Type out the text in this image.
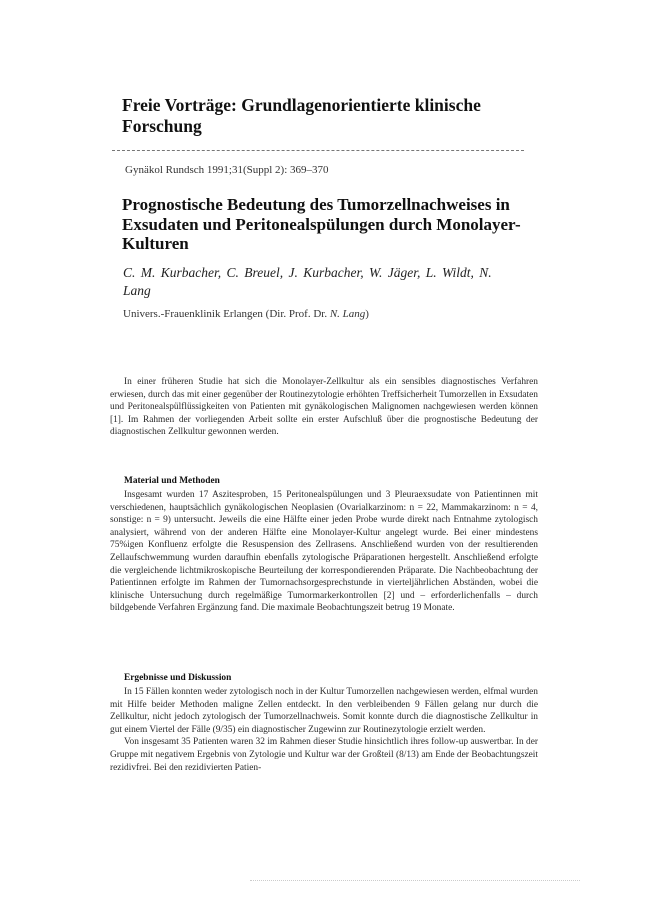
Freie Vorträge: Grundlagenorientierte klinische Forschung
Gynäkol Rundsch 1991;31(Suppl 2): 369–370
Prognostische Bedeutung des Tumorzellnachweises in Exsudaten und Peritonealspülungen durch Monolayer-Kulturen
C. M. Kurbacher, C. Breuel, J. Kurbacher, W. Jäger, L. Wildt, N. Lang
Univers.-Frauenklinik Erlangen (Dir. Prof. Dr. N. Lang)

In einer früheren Studie hat sich die Monolayer-Zellkultur als ein sensibles diagnostisches Verfahren erwiesen, durch das mit einer gegenüber der Routinezytologie erhöhten Treffsicherheit Tumorzellen in Exsudaten und Peritonealspülflüssigkeiten von Patienten mit gynäkologischen Malignomen nachgewiesen werden können [1]. Im Rahmen der vorliegenden Arbeit sollte ein erster Aufschluß über die prognostische Bedeutung der diagnostischen Zellkultur gewonnen werden.

Material und Methoden

Insgesamt wurden 17 Aszitesproben, 15 Peritonealspülungen und 3 Pleuraexsudate von Patientinnen mit verschiedenen, hauptsächlich gynäkologischen Neoplasien (Ovarialkarzinom: n = 22, Mammakarzinom: n = 4, sonstige: n = 9) untersucht. Jeweils die eine Hälfte einer jeden Probe wurde direkt nach Entnahme zytologisch analysiert, während von der anderen Hälfte eine Monolayer-Kultur angelegt wurde. Bei einer mindestens 75%igen Konfluenz erfolgte die Resuspension des Zellrasens. Anschließend wurden von der resultierenden Zellaufschwemmung wurden daraufhin ebenfalls zytologische Präparationen hergestellt. Anschließend erfolgte die vergleichende lichtmikroskopische Beurteilung der korrespondierenden Präparate. Die Nachbeobachtung der Patientinnen erfolgte im Rahmen der Tumornachsorgesprechstunde in vierteljährlichen Abständen, wobei die klinische Untersuchung durch regelmäßige Tumormarkerkontrollen [2] und – erforderlichenfalls – durch bildgebende Verfahren Ergänzung fand. Die maximale Beobachtungszeit betrug 19 Monate.

Ergebnisse und Diskussion

In 15 Fällen konnten weder zytologisch noch in der Kultur Tumorzellen nachgewiesen werden, elfmal wurden mit Hilfe beider Methoden maligne Zellen entdeckt. In den verbleibenden 9 Fällen gelang nur durch die Zellkultur, nicht jedoch zytologisch der Tumorzellnachweis. Somit konnte durch die diagnostische Zellkultur in gut einem Viertel der Fälle (9/35) ein diagnostischer Zugewinn zur Routinezytologie erzielt werden.

Von insgesamt 35 Patienten waren 32 im Rahmen dieser Studie hinsichtlich ihres follow-up auswertbar. In der Gruppe mit negativem Ergebnis von Zytologie und Kultur war der Großteil (8/13) am Ende der Beobachtungszeit rezidivfrei. Bei den rezidivierten Patien-
